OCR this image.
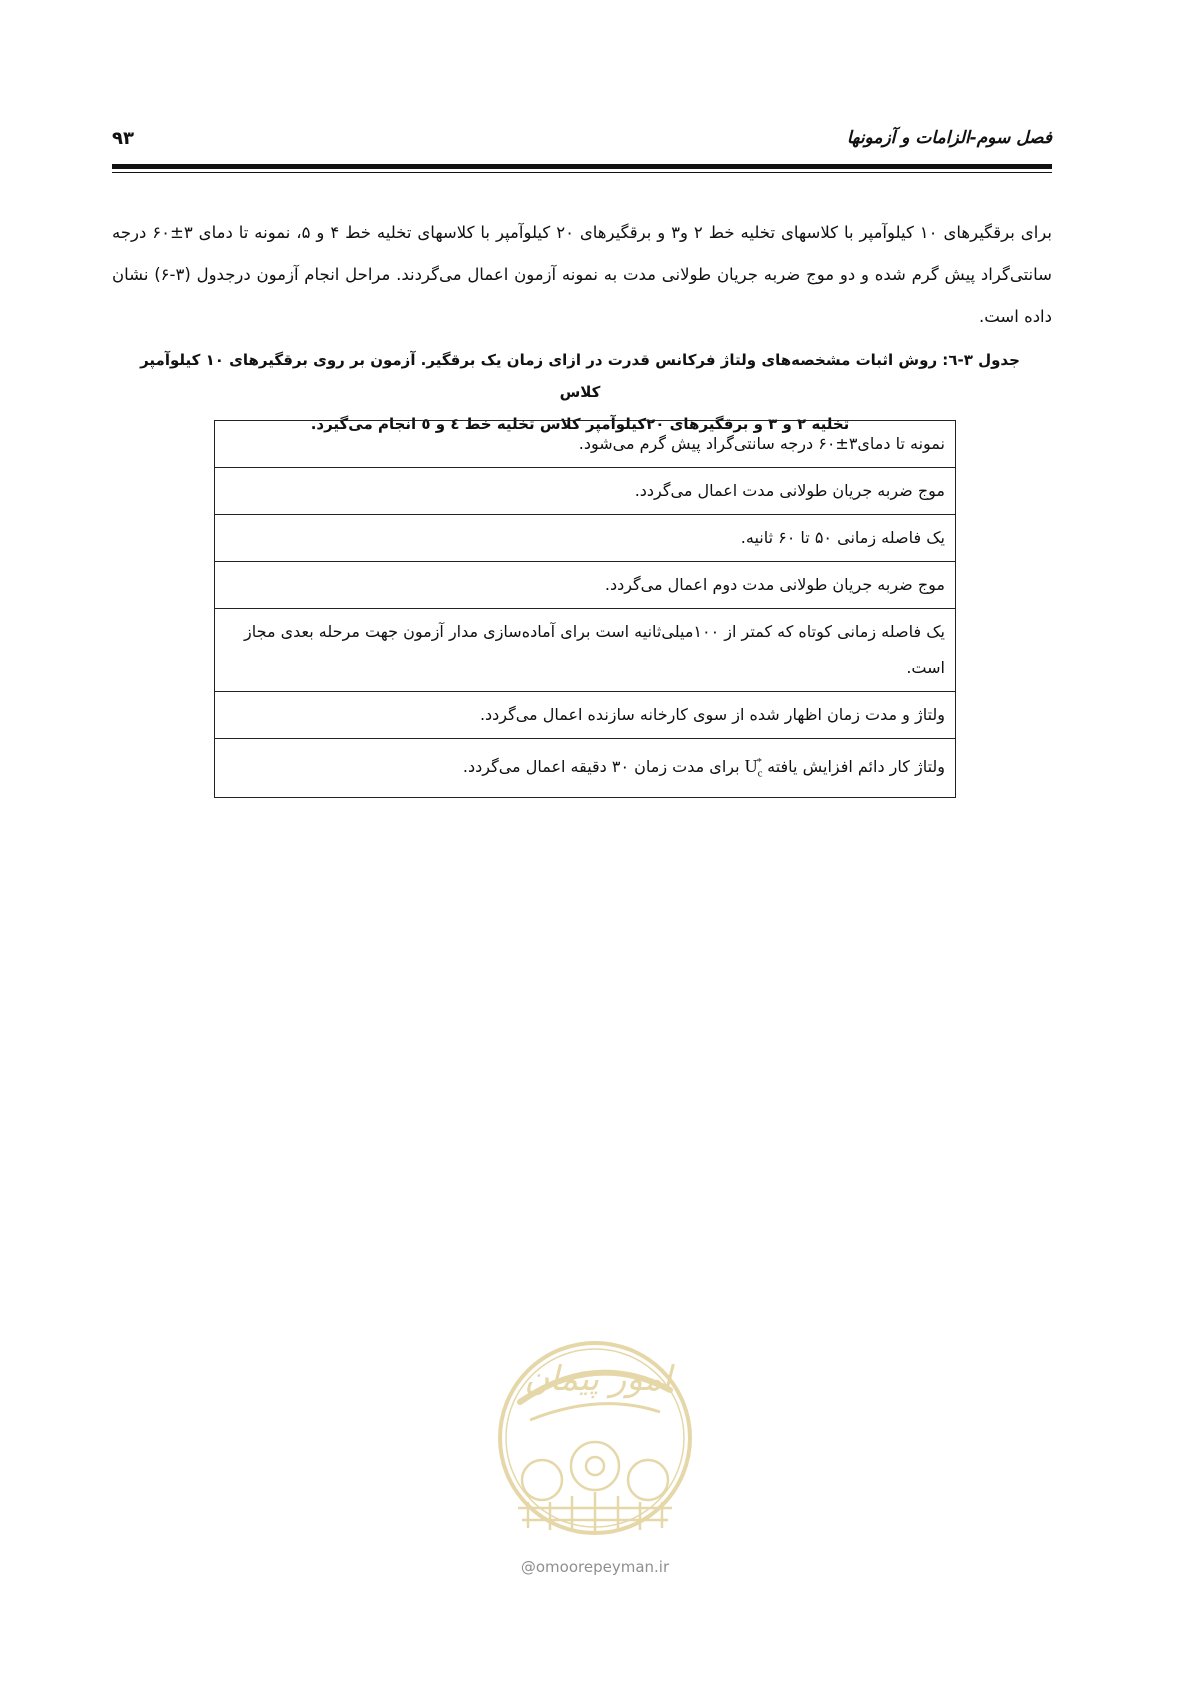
فصل سوم-الزامات و آزمونها
۹۳

برای برقگیرهای ۱۰ کیلوآمپر با کلاسهای تخلیه خط ۲ و۳ و برقگیرهای ۲۰ کیلوآمپر با کلاسهای تخلیه خط ۴ و ۵، نمونه تا دمای ۳±۶۰ درجه سانتی‌گراد پیش گرم شده و دو موج ضربه جریان طولانی مدت به نمونه آزمون اعمال می‌گردند. مراحل انجام آزمون درجدول (۳-۶) نشان داده است.

جدول ۳-٦: روش اثبات مشخصه‌های ولتاژ فرکانس قدرت در ازای زمان یک برقگیر. آزمون بر روی برقگیرهای ۱۰ کیلوآمپر کلاس
تخلیه ۲ و ۳ و برقگیرهای ۲۰کیلوآمپر کلاس تخلیه خط ٤ و ٥ انجام می‌گیرد.
نمونه تا دمای۳±۶۰ درجه سانتی‌گراد پیش گرم می‌شود.
موج ضربه جریان طولانی مدت اعمال می‌گردد.
یک فاصله زمانی ۵۰ تا ۶۰ ثانیه.
موج ضربه جریان طولانی مدت دوم اعمال می‌گردد.
یک فاصله زمانی کوتاه که کمتر از ۱۰۰میلی‌ثانیه است برای آماده‌سازی مدار آزمون جهت مرحله بعدی مجاز است.
ولتاژ و مدت زمان اظهار شده از سوی کارخانه سازنده اعمال می‌گردد.
ولتاژ کار دائم افزایش یافته $U_c^*$ برای مدت زمان ۳۰ دقیقه اعمال می‌گردد.
امور پیمان
@omoorepeyman.ir
